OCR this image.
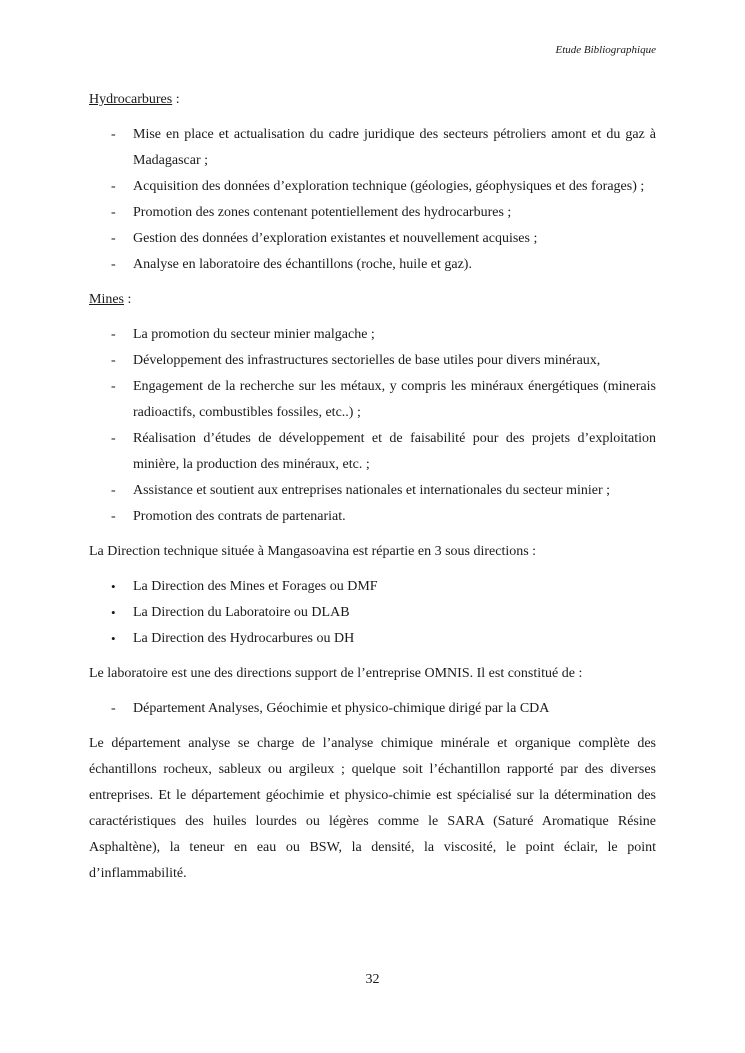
Etude Bibliographique
Hydrocarbures :
- Mise en place et actualisation du cadre juridique des secteurs pétroliers amont et du gaz à Madagascar ;
- Acquisition des données d’exploration technique (géologies, géophysiques et des forages) ;
- Promotion des zones contenant potentiellement des hydrocarbures ;
- Gestion des données d’exploration existantes et nouvellement acquises ;
- Analyse en laboratoire des échantillons (roche, huile et gaz).
Mines :
- La promotion du secteur minier malgache ;
- Développement des infrastructures sectorielles de base utiles pour divers minéraux,
- Engagement de la recherche sur les métaux, y compris les minéraux énergétiques (minerais radioactifs, combustibles fossiles, etc..) ;
- Réalisation d’études de développement et de faisabilité pour des projets d’exploitation minière, la production des minéraux, etc. ;
- Assistance et soutient aux entreprises nationales et internationales du secteur minier ;
- Promotion des contrats de partenariat.

La Direction technique située à Mangasoavina est répartie en 3 sous directions :

• La Direction des Mines et Forages ou DMF
• La Direction du Laboratoire ou DLAB
• La Direction des Hydrocarbures ou DH

Le laboratoire est une des directions support de l’entreprise OMNIS. Il est constitué de :

- Département Analyses, Géochimie et physico-chimique dirigé par la CDA

Le département analyse se charge de l’analyse chimique minérale et organique complète des échantillons rocheux, sableux ou argileux ; quelque soit l’échantillon rapporté par des diverses entreprises. Et le département géochimie et physico-chimie est spécialisé sur la détermination des caractéristiques des huiles lourdes ou légères comme le SARA (Saturé Aromatique Résine Asphaltène), la teneur en eau ou BSW, la densité, la viscosité, le point éclair, le point d’inflammabilité.

32
